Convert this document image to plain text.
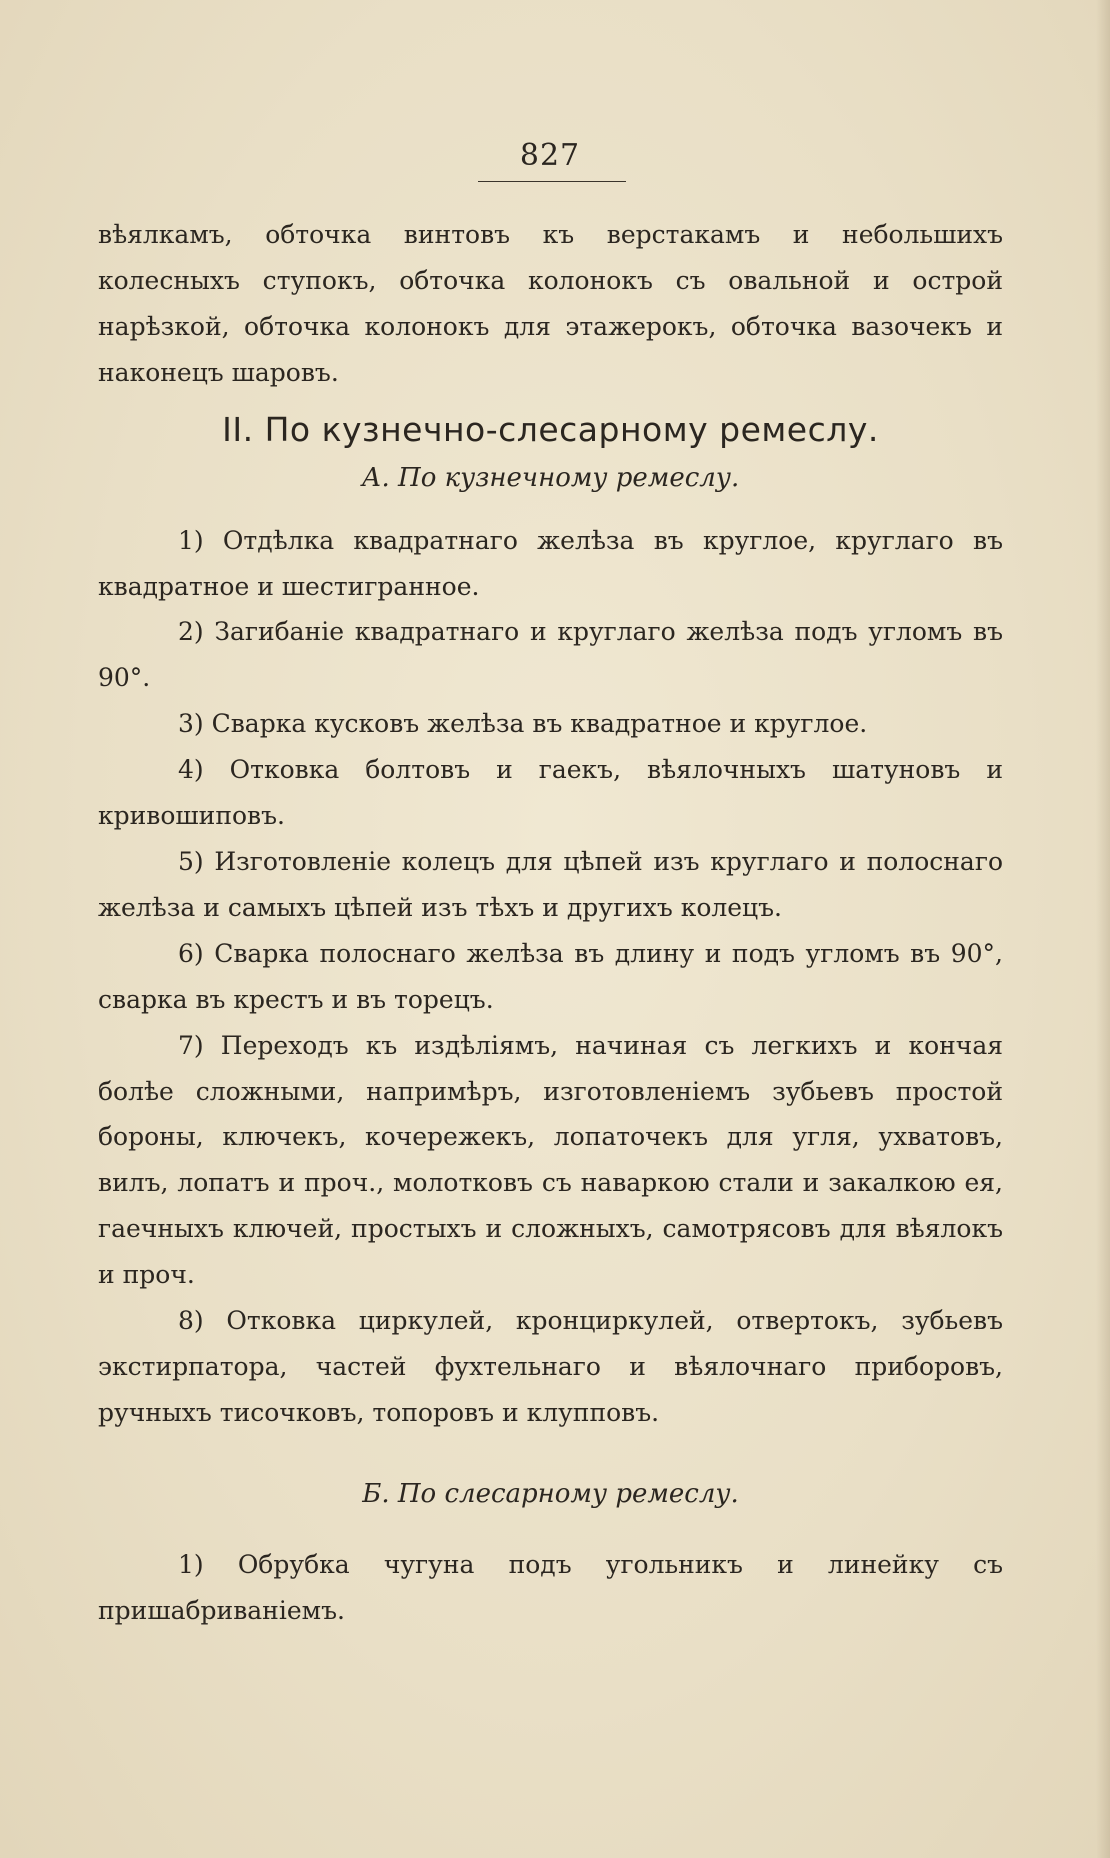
827

вѣялкамъ, обточка винтовъ къ верстакамъ и небольшихъ колесныхъ ступокъ, обточка колонокъ съ овальной и острой нарѣзкой, обточка колонокъ для этажерокъ, обточка вазочекъ и наконецъ шаровъ.

II. По кузнечно-слесарному ремеслу.
А. По кузнечному ремеслу.

1) Отдѣлка квадратнаго желѣза въ круглое, круглаго въ квадратное и шестигранное.

2) Загибаніе квадратнаго и круглаго желѣза подъ угломъ въ 90°.

3) Сварка кусковъ желѣза въ квадратное и круглое.

4) Отковка болтовъ и гаекъ, вѣялочныхъ шатуновъ и кривошиповъ.

5) Изготовленіе колецъ для цѣпей изъ круглаго и полоснаго желѣза и самыхъ цѣпей изъ тѣхъ и другихъ колецъ.

6) Сварка полоснаго желѣза въ длину и подъ угломъ въ 90°, сварка въ крестъ и въ торецъ.

7) Переходъ къ издѣліямъ, начиная съ легкихъ и кончая болѣе сложными, напримѣръ, изготовленіемъ зубьевъ простой бороны, ключекъ, кочережекъ, лопаточекъ для угля, ухватовъ, вилъ, лопатъ и проч., молотковъ съ наваркою стали и закалкою ея, гаечныхъ ключей, простыхъ и сложныхъ, самотрясовъ для вѣялокъ и проч.

8) Отковка циркулей, кронциркулей, отвертокъ, зубьевъ экстирпатора, частей фухтельнаго и вѣялочнаго приборовъ, ручныхъ тисочковъ, топоровъ и клупповъ.

Б. По слесарному ремеслу.

1) Обрубка чугуна подъ угольникъ и линейку съ пришабриваніемъ.
